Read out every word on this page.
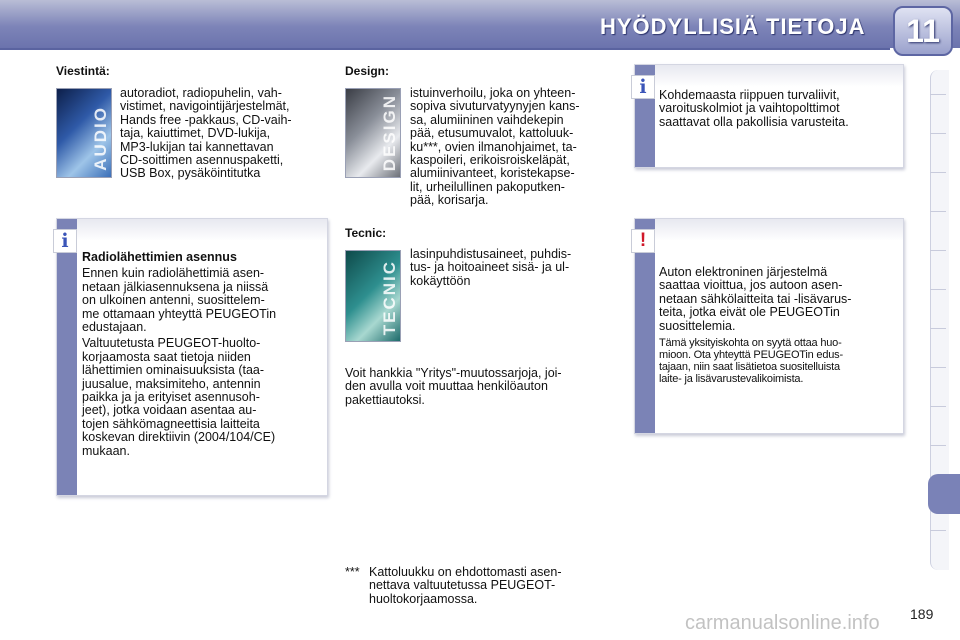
HYÖDYLLISIÄ TIETOJA	11
Viestintä:
AUDIO

autoradiot, radiopuhelin, vah-

vistimet, navigointijärjestelmät,

Hands free -pakkaus, CD-vaih-

taja, kaiuttimet, DVD-lukija,

MP3-lukijan tai kannettavan

CD-soittimen asennuspaketti,

USB Box, pysäköintitutka

i

Radiolähettimien asennus

Ennen kuin radiolähettimiä asen-

netaan jälkiasennuksena ja niissä

on ulkoinen antenni, suosittelem-

me ottamaan yhteyttä PEUGEOTin

edustajaan.

Valtuutetusta PEUGEOT-huolto-

korjaamosta saat tietoja niiden

lähettimien ominaisuuksista (taa-

juusalue, maksimiteho, antennin

paikka ja ja erityiset asennusoh-

jeet), jotka voidaan asentaa au-

tojen sähkömagneettisia laitteita

koskevan direktiivin (2004/104/CE)

mukaan.

Design:
DESIGN

istuinverhoilu, joka on yhteen-

sopiva sivuturvatyynyjen kans-

sa, alumiininen vaihdekepin

pää, etusumuvalot, kattoluuk-

ku***, ovien ilmanohjaimet, ta-

kaspoileri, erikoisroiskeläpät,

alumiinivanteet, koristekapse-

lit, urheilullinen pakoputken-

pää, korisarja.

Tecnic:
TECNIC

lasinpuhdistusaineet, puhdis-

tus- ja hoitoaineet sisä- ja ul-

kokäyttöön

Voit hankkia "Yritys"-muutossarjoja, joi-

den avulla voit muuttaa henkilöauton

pakettiautoksi.

*** Kattoluukku on ehdottomasti asen-

nettava valtuutetussa PEUGEOT-

huoltokorjaamossa.

i Kohdemaasta riippuen turvaliivit,

varoituskolmiot ja vaihtopolttimot

saattavat olla pakollisia varusteita.

!

Auton elektroninen järjestelmä

saattaa vioittua, jos autoon asen-

netaan sähkölaitteita tai -lisävarus-

teita, jotka eivät ole PEUGEOTin

suosittelemia.

Tämä yksityiskohta on syytä ottaa huo-

mioon. Ota yhteyttä PEUGEOTin edus-

tajaan, niin saat lisätietoa suositelluista

laite- ja lisävarustevalikoimista.

189
carmanualsonline.info
